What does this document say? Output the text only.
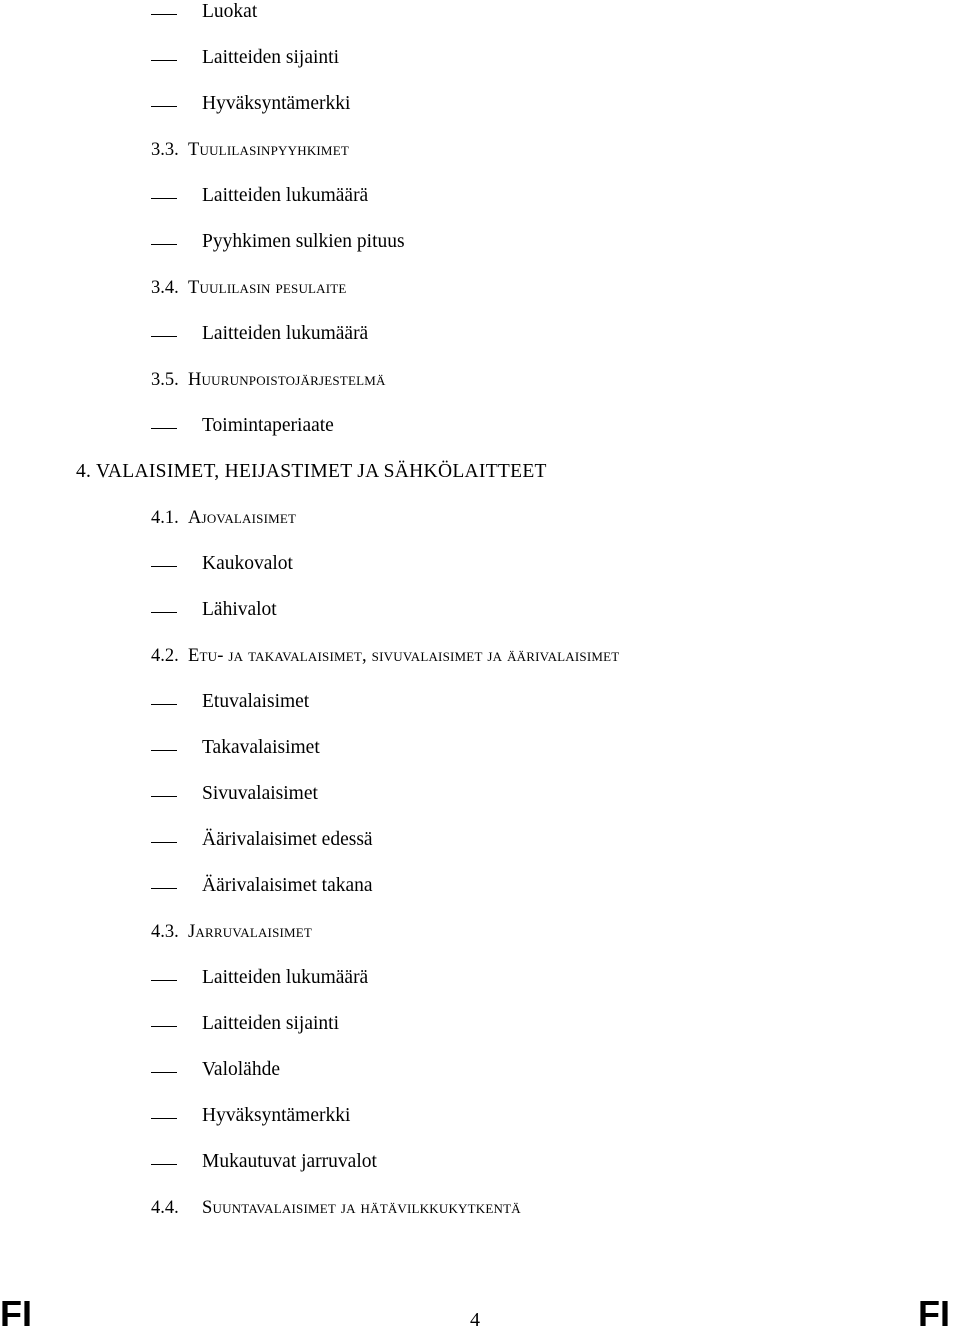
Luokat
Laitteiden sijainti
Hyväksyntämerkki
3.3. Tuulilasinpyyhkimet
Laitteiden lukumäärä
Pyyhkimen sulkien pituus
3.4. Tuulilasin pesulaite
Laitteiden lukumäärä
3.5. Huurunpoistojärjestelmä
Toimintaperiaate
4. VALAISIMET, HEIJASTIMET JA SÄHKÖLAITTEET
4.1. Ajovalaisimet
Kaukovalot
Lähivalot
4.2. Etu- ja takavalaisimet, sivuvalaisimet ja äärivalaisimet
Etuvalaisimet
Takavalaisimet
Sivuvalaisimet
Äärivalaisimet edessä
Äärivalaisimet takana
4.3. Jarruvalaisimet
Laitteiden lukumäärä
Laitteiden sijainti
Valolähde
Hyväksyntämerkki
Mukautuvat jarruvalot
4.4. Suuntavalaisimet ja hätävilkkukytkentä
FI	4	FI
